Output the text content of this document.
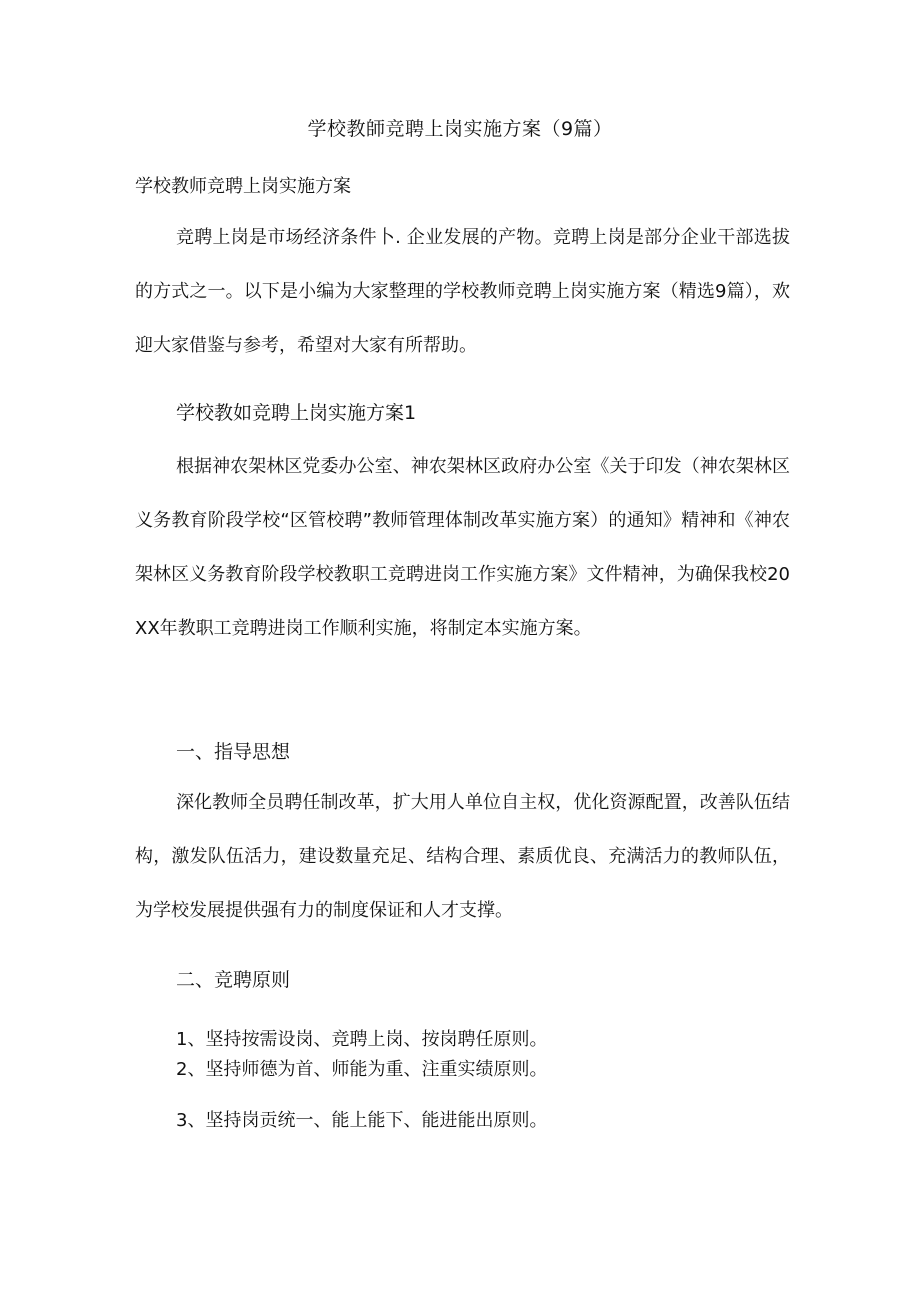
学校教師竞聘上岗实施方案（9篇）
学校教师竞聘上岗实施方案
竞聘上岗是市场经济条件卜. 企业发展的产物。竞聘上岗是部分企业干部选拔的方式之一。以下是小编为大家整理的学校教师竞聘上岗实施方案（精选9篇），欢迎大家借鉴与参考，希望对大家有所帮助。
学校教如竞聘上岗实施方案1
根据神农架林区党委办公室、神农架林区政府办公室《关于印发（神农架林区义务教育阶段学校“区管校聘”教师管理体制改革实施方案）的通知》精神和《神农架林区义务教育阶段学校教职工竞聘进岗工作实施方案》文件精神，为确保我校20XX年教职工竞聘进岗工作顺利实施，将制定本实施方案。
一、指导思想
深化教师全员聘任制改革，扩大用人单位自主权，优化资源配置，改善队伍结构，激发队伍活力，建设数量充足、结构合理、素质优良、充满活力的教师队伍，为学校发展提供强有力的制度保证和人才支撑。
二、竞聘原则
1、坚持按需设岗、竞聘上岗、按岗聘任原则。
2、坚持师德为首、师能为重、注重实绩原则。
3、坚持岗贡统一、能上能下、能进能出原则。
